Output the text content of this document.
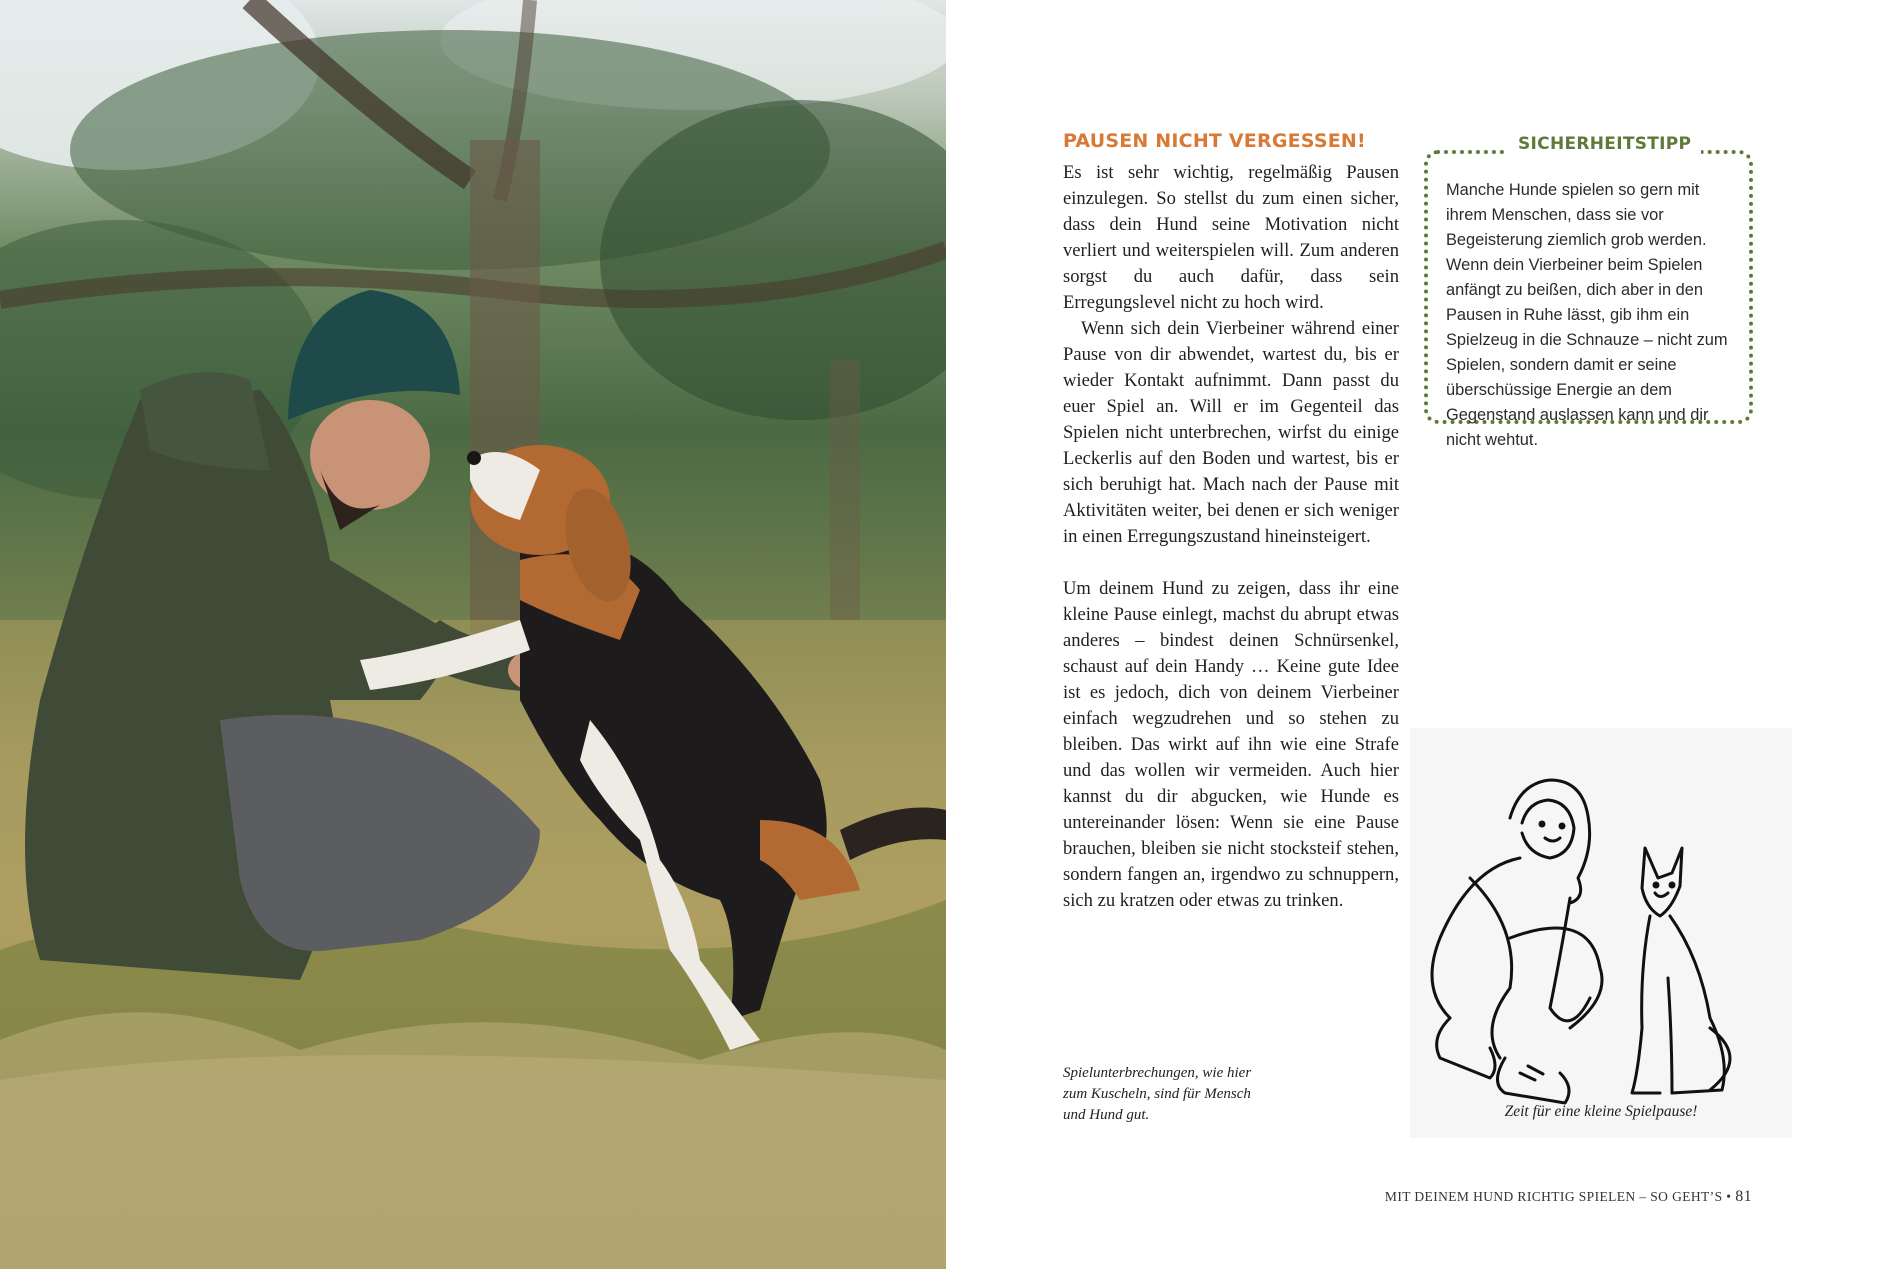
PAUSEN NICHT VERGESSEN!

Es ist sehr wichtig, regelmäßig Pausen einzulegen. So stellst du zum einen sicher, dass dein Hund seine Motivation nicht verliert und weiterspielen will. Zum anderen sorgst du auch dafür, dass sein Erregungslevel nicht zu hoch wird.

Wenn sich dein Vierbeiner während einer Pause von dir abwendet, wartest du, bis er wieder Kontakt aufnimmt. Dann passt du euer Spiel an. Will er im Gegenteil das Spielen nicht unterbrechen, wirfst du einige Leckerlis auf den Boden und wartest, bis er sich beruhigt hat. Mach nach der Pause mit Aktivitäten weiter, bei denen er sich weniger in einen Erregungszustand hineinsteigert.

Um deinem Hund zu zeigen, dass ihr eine kleine Pause einlegt, machst du abrupt etwas anderes – bindest deinen Schnürsenkel, schaust auf dein Handy … Keine gute Idee ist es jedoch, dich von deinem Vierbeiner einfach wegzudrehen und so stehen zu bleiben. Das wirkt auf ihn wie eine Strafe und das wollen wir vermeiden. Auch hier kannst du dir abgucken, wie Hunde es untereinander lösen: Wenn sie eine Pause brauchen, bleiben sie nicht stocksteif stehen, sondern fangen an, irgendwo zu schnuppern, sich zu kratzen oder etwas zu trinken.

Spielunterbrechungen, wie hier zum Kuscheln, sind für Mensch und Hund gut.
SICHERHEITSTIPP
Manche Hunde spielen so gern mit ihrem Menschen, dass sie vor Begeisterung ziemlich grob werden. Wenn dein Vierbeiner beim Spielen anfängt zu beißen, dich aber in den Pausen in Ruhe lässt, gib ihm ein Spielzeug in die Schnauze – nicht zum Spielen, sondern damit er seine überschüssige Energie an dem Gegenstand auslassen kann und dir nicht wehtut.
Zeit für eine kleine Spielpause!
MIT DEINEM HUND RICHTIG SPIELEN – SO GEHT’S • 81
